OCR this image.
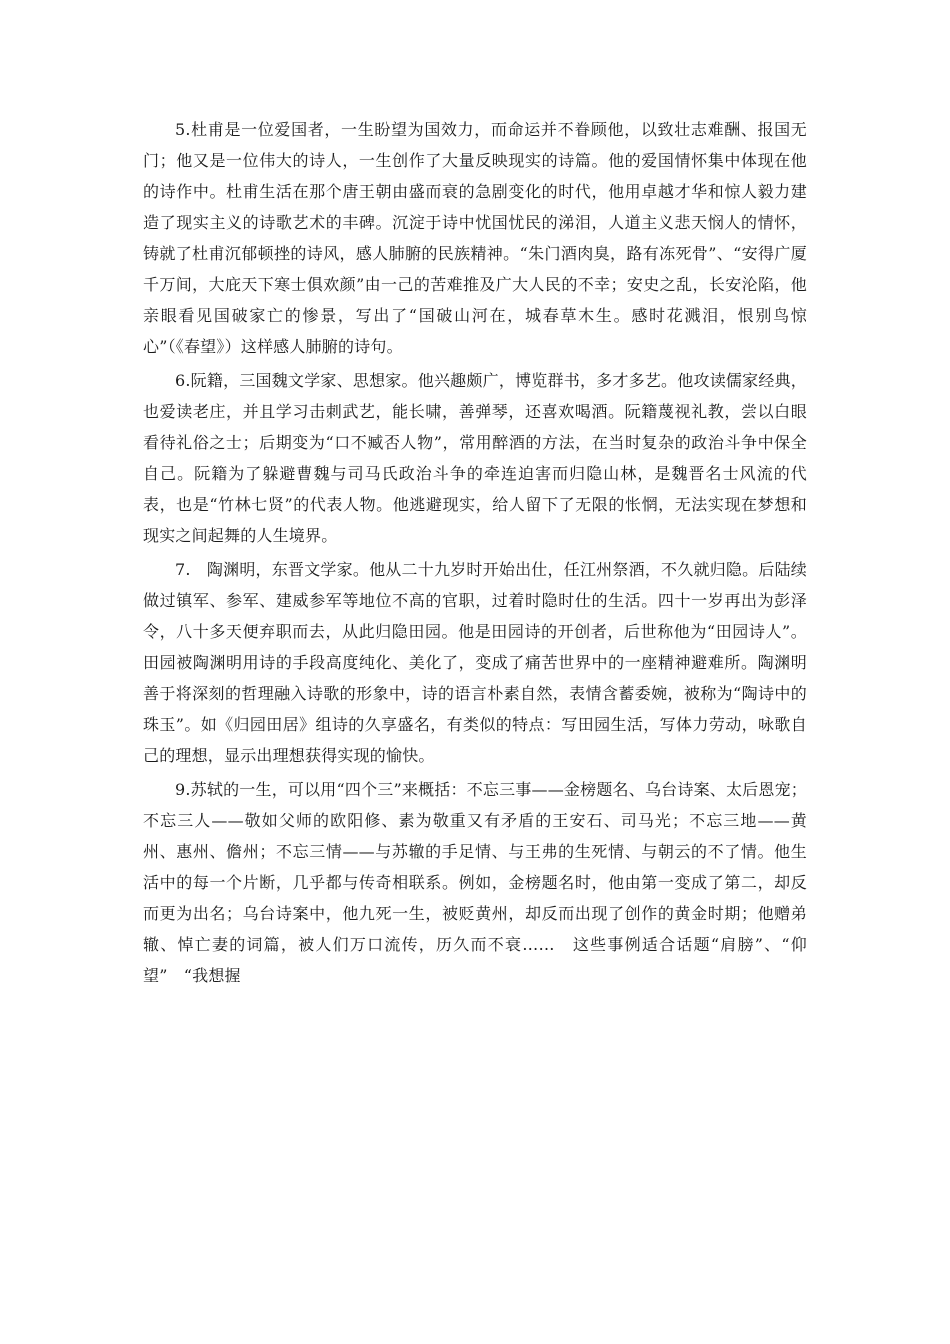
5.杜甫是一位爱国者，一生盼望为国效力，而命运并不眷顾他，以致壮志难酬、报国无门；他又是一位伟大的诗人，一生创作了大量反映现实的诗篇。他的爱国情怀集中体现在他的诗作中。杜甫生活在那个唐王朝由盛而衰的急剧变化的时代，他用卓越才华和惊人毅力建造了现实主义的诗歌艺术的丰碑。沉淀于诗中忧国忧民的涕泪，人道主义悲天悯人的情怀，铸就了杜甫沉郁顿挫的诗风，感人肺腑的民族精神。“朱门酒肉臭，路有冻死骨”、“安得广厦千万间，大庇天下寒士俱欢颜”由一己的苦难推及广大人民的不幸；安史之乱，长安沦陷，他亲眼看见国破家亡的惨景，写出了“国破山河在，城春草木生。感时花溅泪，恨别鸟惊心”（《春望》）这样感人肺腑的诗句。

6.阮籍，三国魏文学家、思想家。他兴趣颇广，博览群书，多才多艺。他攻读儒家经典，也爱读老庄，并且学习击刺武艺，能长啸，善弹琴，还喜欢喝酒。阮籍蔑视礼教，尝以白眼看待礼俗之士；后期变为“口不臧否人物”，常用醉酒的方法，在当时复杂的政治斗争中保全自己。阮籍为了躲避曹魏与司马氏政治斗争的牵连迫害而归隐山林，是魏晋名士风流的代表，也是“竹林七贤”的代表人物。他逃避现实，给人留下了无限的怅惘，无法实现在梦想和现实之间起舞的人生境界。

7.　陶渊明，东晋文学家。他从二十九岁时开始出仕，任江州祭酒，不久就归隐。后陆续做过镇军、参军、建威参军等地位不高的官职，过着时隐时仕的生活。四十一岁再出为彭泽令，八十多天便弃职而去，从此归隐田园。他是田园诗的开创者，后世称他为“田园诗人”。田园被陶渊明用诗的手段高度纯化、美化了，变成了痛苦世界中的一座精神避难所。陶渊明善于将深刻的哲理融入诗歌的形象中，诗的语言朴素自然，表情含蓄委婉，被称为“陶诗中的珠玉”。如《归园田居》组诗的久享盛名，有类似的特点：写田园生活，写体力劳动，咏歌自己的理想，显示出理想获得实现的愉快。

9.苏轼的一生，可以用“四个三”来概括：不忘三事——金榜题名、乌台诗案、太后恩宠；不忘三人——敬如父师的欧阳修、素为敬重又有矛盾的王安石、司马光；不忘三地——黄州、惠州、儋州；不忘三情——与苏辙的手足情、与王弗的生死情、与朝云的不了情。他生活中的每一个片断，几乎都与传奇相联系。例如，金榜题名时，他由第一变成了第二，却反而更为出名；乌台诗案中，他九死一生，被贬黄州，却反而出现了创作的黄金时期；他赠弟辙、悼亡妻的词篇，被人们万口流传，历久而不衰……　这些事例适合话题“肩膀”、“仰望”　“我想握
